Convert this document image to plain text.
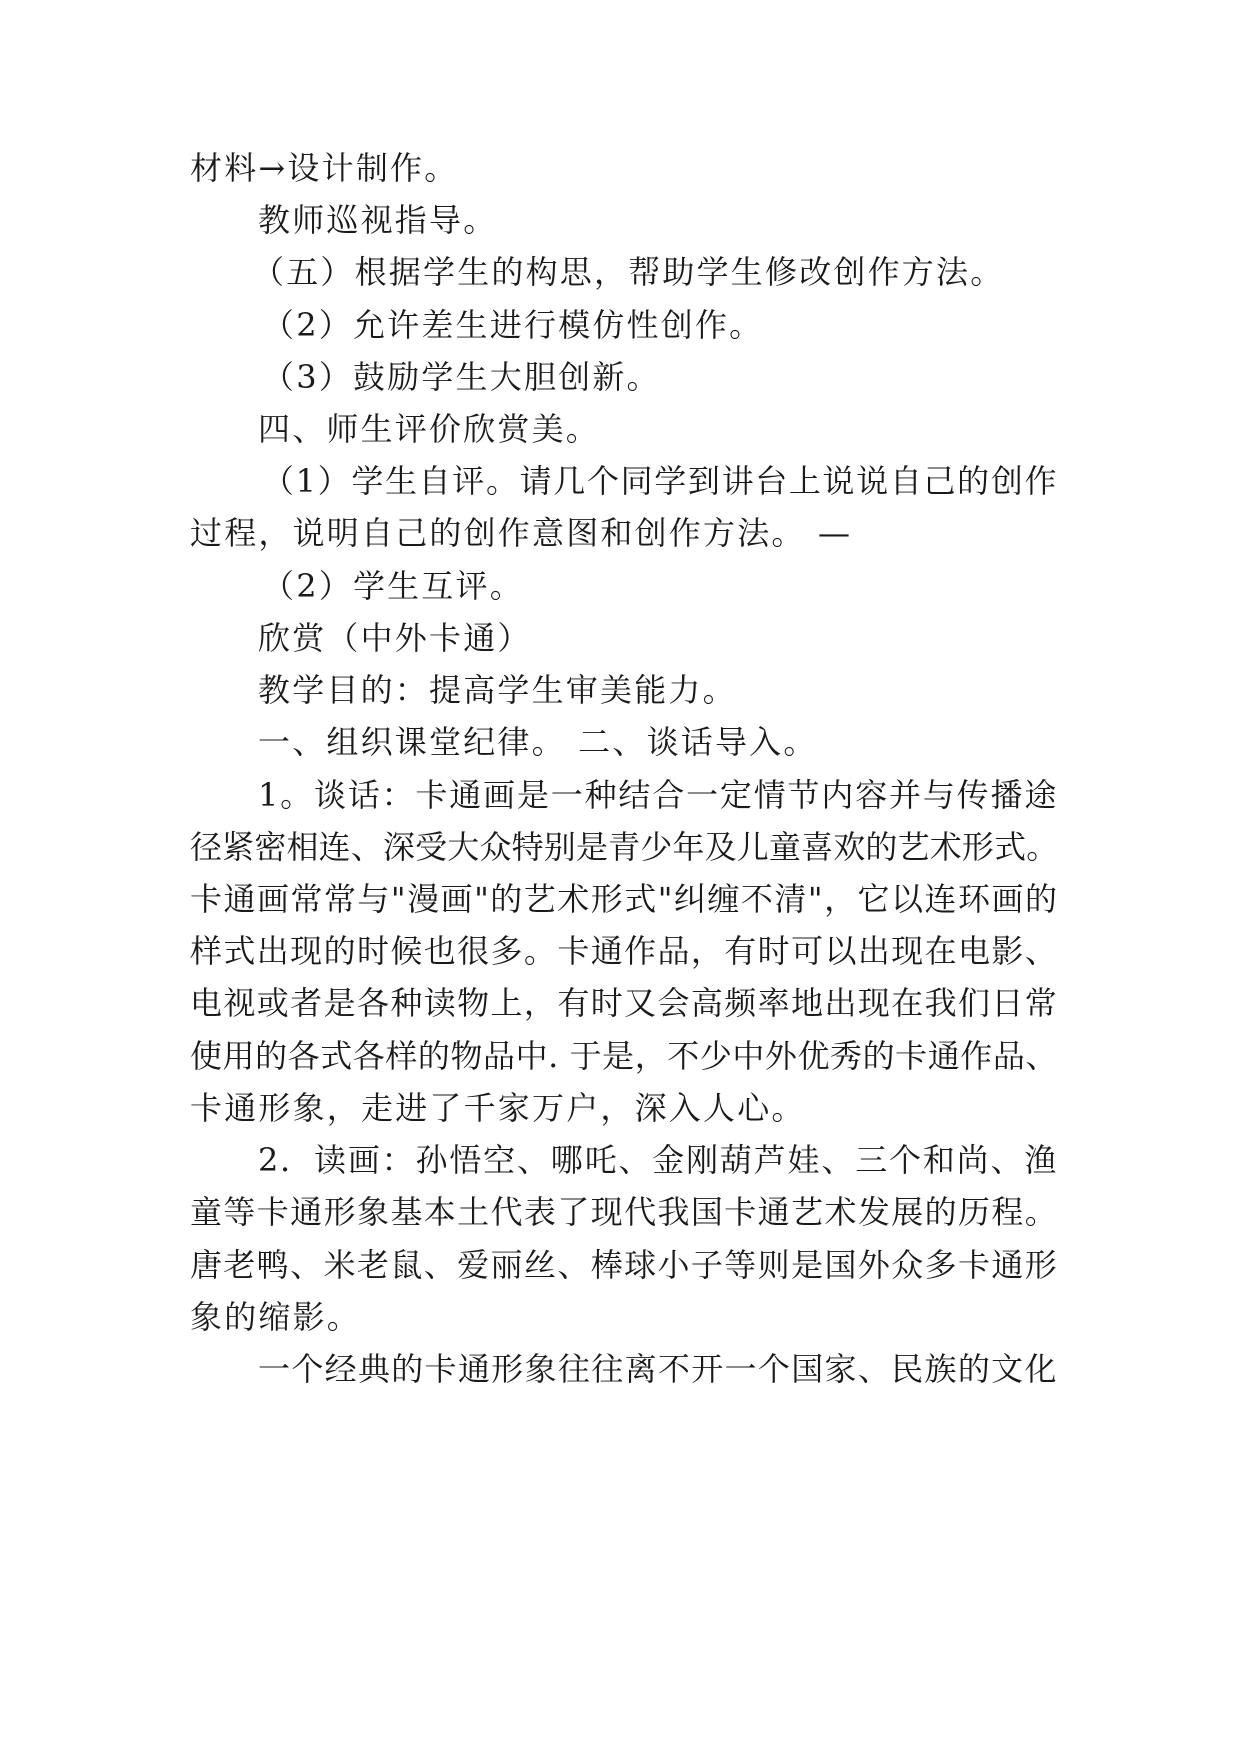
材料→设计制作。
教师巡视指导。
（五）根据学生的构思，帮助学生修改创作方法。
（2）允许差生进行模仿性创作。
（3）鼓励学生大胆创新。
四、师生评价欣赏美。
（1）学生自评。请几个同学到讲台上说说自己的创作
过程，说明自己的创作意图和创作方法。 —
（2）学生互评。
欣赏（中外卡通）
教学目的：提高学生审美能力。
一、组织课堂纪律。 二、谈话导入。
1。谈话：卡通画是一种结合一定情节内容并与传播途
径紧密相连、深受大众特别是青少年及儿童喜欢的艺术形式。
卡通画常常与"漫画"的艺术形式"纠缠不清"，它以连环画的
样式出现的时候也很多。卡通作品，有时可以出现在电影、
电视或者是各种读物上，有时又会高频率地出现在我们日常
使用的各式各样的物品中. 于是，不少中外优秀的卡通作品、
卡通形象，走进了千家万户，深入人心。
2．读画：孙悟空、哪吒、金刚葫芦娃、三个和尚、渔
童等卡通形象基本土代表了现代我国卡通艺术发展的历程。
唐老鸭、米老鼠、爱丽丝、棒球小子等则是国外众多卡通形
象的缩影。
一个经典的卡通形象往往离不开一个国家、民族的文化
